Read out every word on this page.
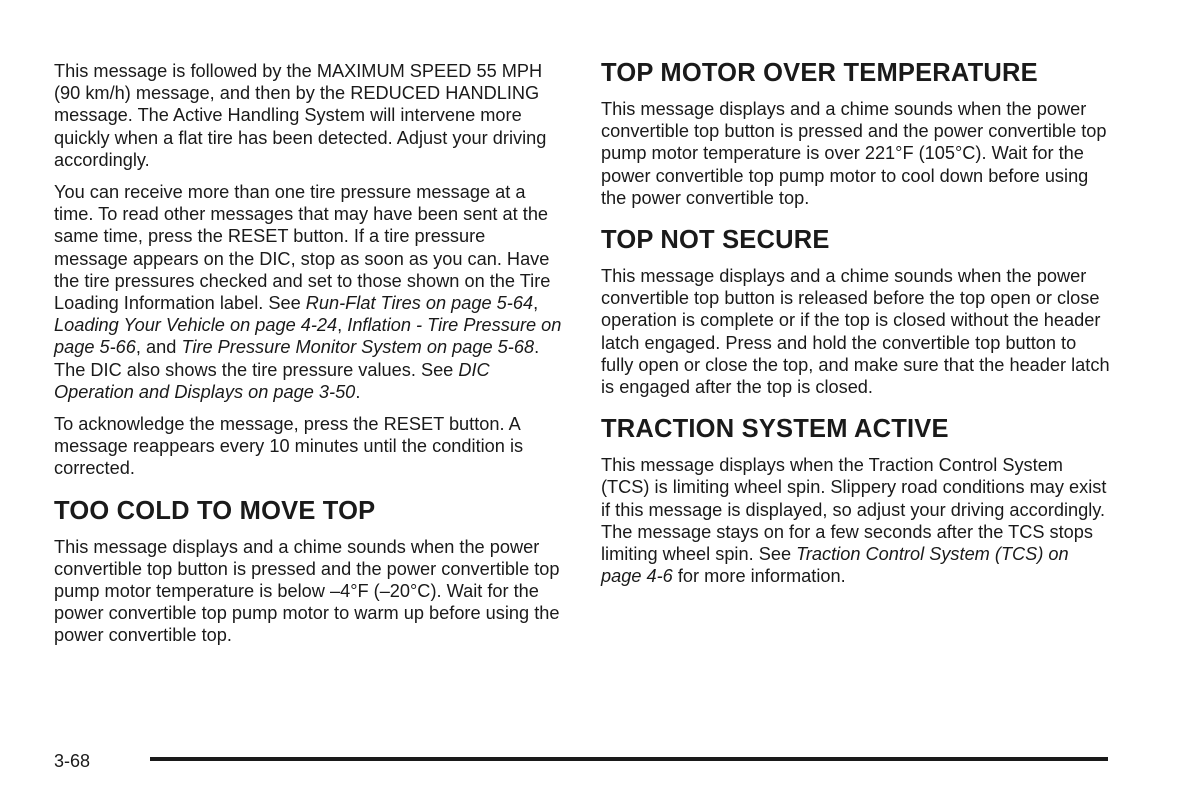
This message is followed by the MAXIMUM SPEED 55 MPH (90 km/h) message, and then by the REDUCED HANDLING message. The Active Handling System will intervene more quickly when a flat tire has been detected. Adjust your driving accordingly.

You can receive more than one tire pressure message at a time. To read other messages that may have been sent at the same time, press the RESET button. If a tire pressure message appears on the DIC, stop as soon as you can. Have the tire pressures checked and set to those shown on the Tire Loading Information label. See Run-Flat Tires on page 5-64, Loading Your Vehicle on page 4-24, Inflation - Tire Pressure on page 5-66, and Tire Pressure Monitor System on page 5-68. The DIC also shows the tire pressure values. See DIC Operation and Displays on page 3-50.

To acknowledge the message, press the RESET button. A message reappears every 10 minutes until the condition is corrected.

TOO COLD TO MOVE TOP

This message displays and a chime sounds when the power convertible top button is pressed and the power convertible top pump motor temperature is below –4°F (–20°C). Wait for the power convertible top pump motor to warm up before using the power convertible top.

TOP MOTOR OVER TEMPERATURE

This message displays and a chime sounds when the power convertible top button is pressed and the power convertible top pump motor temperature is over 221°F (105°C). Wait for the power convertible top pump motor to cool down before using the power convertible top.

TOP NOT SECURE

This message displays and a chime sounds when the power convertible top button is released before the top open or close operation is complete or if the top is closed without the header latch engaged. Press and hold the convertible top button to fully open or close the top, and make sure that the header latch is engaged after the top is closed.

TRACTION SYSTEM ACTIVE

This message displays when the Traction Control System (TCS) is limiting wheel spin. Slippery road conditions may exist if this message is displayed, so adjust your driving accordingly. The message stays on for a few seconds after the TCS stops limiting wheel spin. See Traction Control System (TCS) on page 4-6 for more information.

3-68
